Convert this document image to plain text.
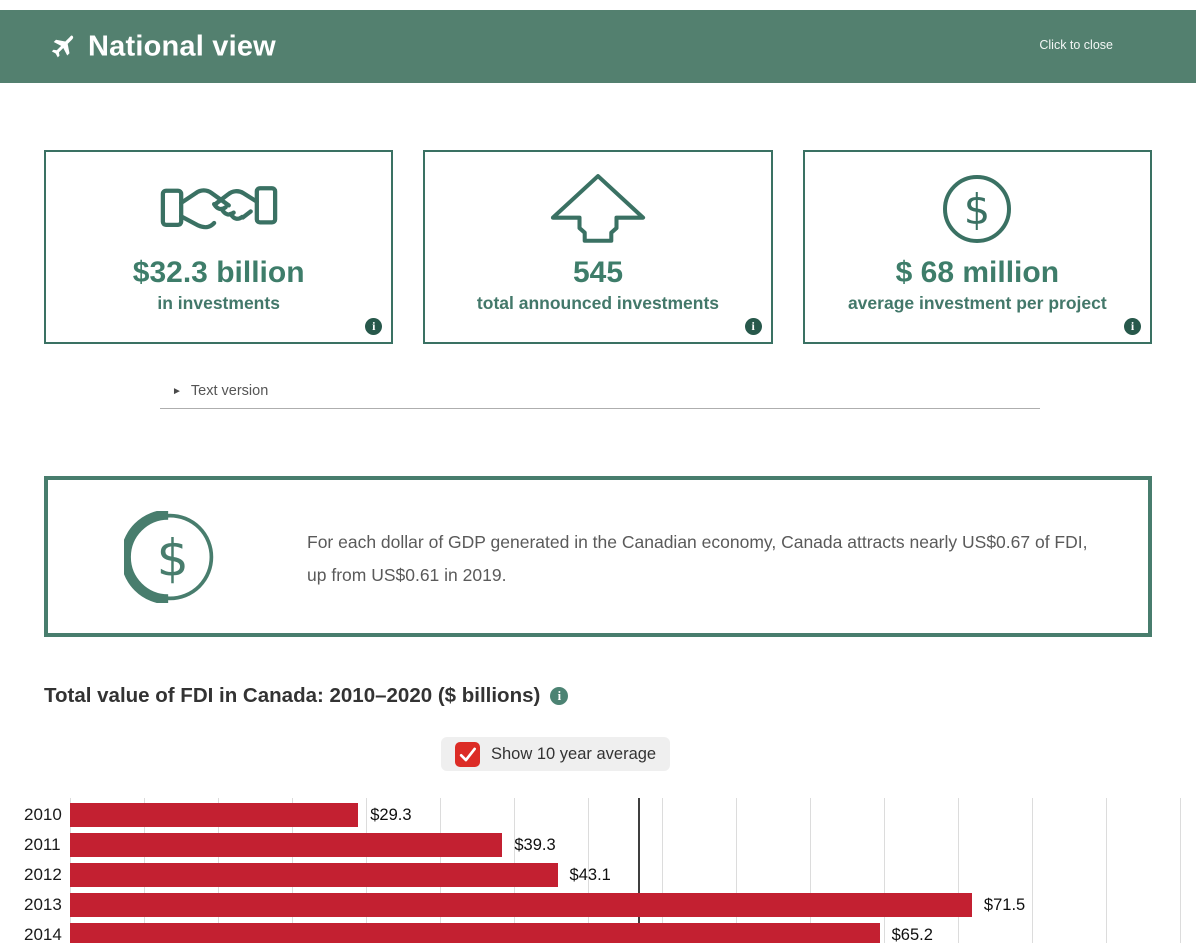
National view	Click to close
$32.3 billion
in investments
i
545
total announced investments
i
$
$ 68 million
average investment per project
i
► Text version
$	For each dollar of GDP generated in the Canadian economy, Canada attracts nearly US$0.67 of FDI,
up from US$0.61 in 2019.
Total value of FDI in Canada: 2010–2020 ($ billions)	i
Show 10 year average
$29.3
$39.3
$43.1
$71.5
$65.2
2010
2011
2012
2013
2014
